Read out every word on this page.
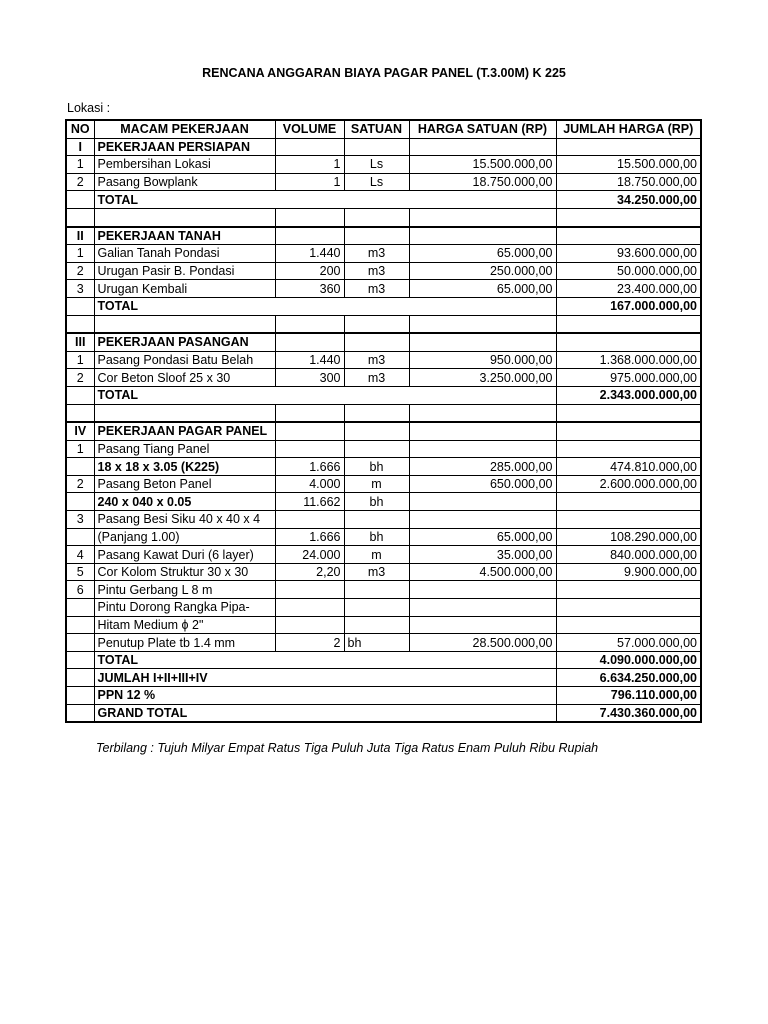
RENCANA ANGGARAN BIAYA PAGAR PANEL (T.3.00M) K 225
Lokasi :
NO	MACAM PEKERJAAN	VOLUME	SATUAN	HARGA SATUAN (RP)	JUMLAH HARGA (RP)
I	PEKERJAAN PERSIAPAN				
1	Pembersihan Lokasi	1	Ls	15.500.000,00	15.500.000,00
2	Pasang Bowplank	1	Ls	18.750.000,00	18.750.000,00
	TOTAL				34.250.000,00

II	PEKERJAAN TANAH				
1	Galian Tanah Pondasi	1.440	m3	65.000,00	93.600.000,00
2	Urugan Pasir B. Pondasi	200	m3	250.000,00	50.000.000,00
3	Urugan Kembali	360	m3	65.000,00	23.400.000,00
	TOTAL				167.000.000,00

III	PEKERJAAN PASANGAN				
1	Pasang Pondasi Batu Belah	1.440	m3	950.000,00	1.368.000.000,00
2	Cor Beton Sloof 25 x 30	300	m3	3.250.000,00	975.000.000,00
	TOTAL				2.343.000.000,00

IV	PEKERJAAN PAGAR PANEL				
1	Pasang Tiang Panel				
	18 x 18 x 3.05 (K225)	1.666	bh	285.000,00	474.810.000,00
2	Pasang Beton Panel	4.000	m	650.000,00	2.600.000.000,00
	240 x 040 x 0.05	11.662	bh		
3	Pasang Besi Siku 40 x 40 x 4				
	(Panjang 1.00)	1.666	bh	65.000,00	108.290.000,00
4	Pasang Kawat Duri (6 layer)	24.000	m	35.000,00	840.000.000,00
5	Cor Kolom Struktur 30 x 30	2,20	m3	4.500.000,00	9.900.000,00
6	Pintu Gerbang L 8 m				
	Pintu Dorong Rangka Pipa-				
	Hitam Medium ϕ 2"				
	Penutup Plate tb 1.4 mm	2	bh	28.500.000,00	57.000.000,00
	TOTAL				4.090.000.000,00
	JUMLAH I+II+III+IV				6.634.250.000,00
	PPN 12 %				796.110.000,00
	GRAND TOTAL				7.430.360.000,00
Terbilang : Tujuh Milyar Empat Ratus Tiga Puluh Juta Tiga Ratus Enam Puluh Ribu Rupiah
